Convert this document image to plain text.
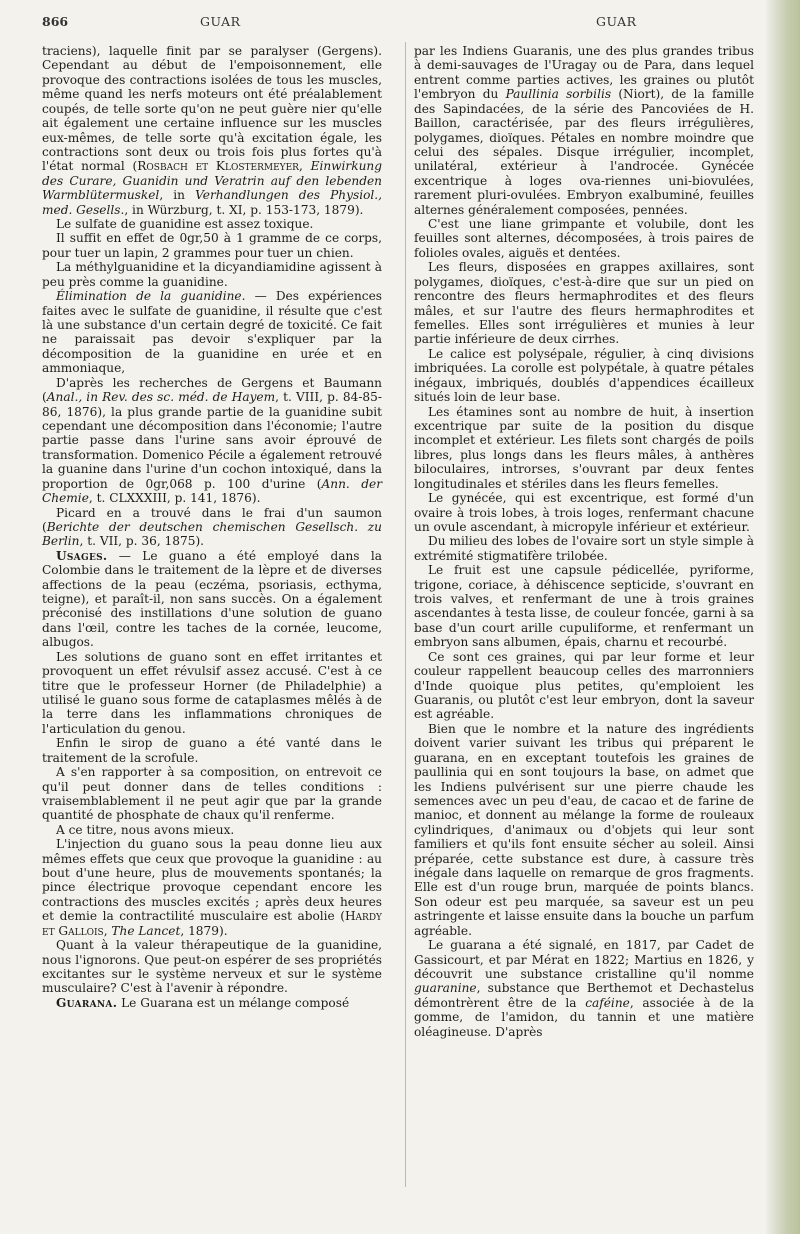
866	GUAR	GUAR

traciens), laquelle finit par se paralyser (Gergens). Cependant au début de l'empoisonnement, elle provoque des contractions isolées de tous les muscles, même quand les nerfs moteurs ont été préalablement coupés, de telle sorte qu'on ne peut guère nier qu'elle ait également une certaine influence sur les muscles eux-mêmes, de telle sorte qu'à excitation égale, les contractions sont deux ou trois fois plus fortes qu'à l'état normal (Rosbach et Klostermeyer, Einwirkung des Curare, Guanidin und Veratrin auf den lebenden Warmblütermuskel, in Verhandlungen des Physiol., med. Gesells., in Würzburg, t. XI, p. 153-173, 1879).

Le sulfate de guanidine est assez toxique.

Il suffit en effet de 0gr,50 à 1 gramme de ce corps, pour tuer un lapin, 2 grammes pour tuer un chien.

La méthylguanidine et la dicyandiamidine agissent à peu près comme la guanidine.

Élimination de la guanidine. — Des expériences faites avec le sulfate de guanidine, il résulte que c'est là une substance d'un certain degré de toxicité. Ce fait ne paraissait pas devoir s'expliquer par la décomposition de la guanidine en urée et en ammoniaque,

D'après les recherches de Gergens et Baumann (Anal., in Rev. des sc. méd. de Hayem, t. VIII, p. 84-85-86, 1876), la plus grande partie de la guanidine subit cependant une décomposition dans l'économie; l'autre partie passe dans l'urine sans avoir éprouvé de transformation. Domenico Pécile a également retrouvé la guanine dans l'urine d'un cochon intoxiqué, dans la proportion de 0gr,068 p. 100 d'urine (Ann. der Chemie, t. CLXXXIII, p. 141, 1876).

Picard en a trouvé dans le frai d'un saumon (Berichte der deutschen chemischen Gesellsch. zu Berlin, t. VII, p. 36, 1875).

Usages. — Le guano a été employé dans la Colombie dans le traitement de la lèpre et de diverses affections de la peau (eczéma, psoriasis, ecthyma, teigne), et paraît-il, non sans succès. On a également préconisé des instillations d'une solution de guano dans l'œil, contre les taches de la cornée, leucome, albugos.

Les solutions de guano sont en effet irritantes et provoquent un effet révulsif assez accusé. C'est à ce titre que le professeur Horner (de Philadelphie) a utilisé le guano sous forme de cataplasmes mêlés à de la terre dans les inflammations chroniques de l'articulation du genou.

Enfin le sirop de guano a été vanté dans le traitement de la scrofule.

A s'en rapporter à sa composition, on entrevoit ce qu'il peut donner dans de telles conditions : vraisemblablement il ne peut agir que par la grande quantité de phosphate de chaux qu'il renferme.

A ce titre, nous avons mieux.

L'injection du guano sous la peau donne lieu aux mêmes effets que ceux que provoque la guanidine : au bout d'une heure, plus de mouvements spontanés; la pince électrique provoque cependant encore les contractions des muscles excités ; après deux heures et demie la contractilité musculaire est abolie (Hardy et Gallois, The Lancet, 1879).

Quant à la valeur thérapeutique de la guanidine, nous l'ignorons. Que peut-on espérer de ses propriétés excitantes sur le système nerveux et sur le système musculaire? C'est à l'avenir à répondre.

Guarana. Le Guarana est un mélange composé

par les Indiens Guaranis, une des plus grandes tribus à demi-sauvages de l'Uragay ou de Para, dans lequel entrent comme parties actives, les graines ou plutôt l'embryon du Paullinia sorbilis (Niort), de la famille des Sapindacées, de la série des Pancoviées de H. Baillon, caractérisée, par des fleurs irrégulières, polygames, dioïques. Pétales en nombre moindre que celui des sépales. Disque irrégulier, incomplet, unilatéral, extérieur à l'androcée. Gynécée excentrique à loges ova-riennes uni-biovulées, rarement pluri-ovulées. Embryon exalbuminé, feuilles alternes généralement composées, pennées.

C'est une liane grimpante et volubile, dont les feuilles sont alternes, décomposées, à trois paires de folioles ovales, aiguës et dentées.

Les fleurs, disposées en grappes axillaires, sont polygames, dioïques, c'est-à-dire que sur un pied on rencontre des fleurs hermaphrodites et des fleurs mâles, et sur l'autre des fleurs hermaphrodites et femelles. Elles sont irrégulières et munies à leur partie inférieure de deux cirrhes.

Le calice est polysépale, régulier, à cinq divisions imbriquées. La corolle est polypétale, à quatre pétales inégaux, imbriqués, doublés d'appendices écailleux situés loin de leur base.

Les étamines sont au nombre de huit, à insertion excentrique par suite de la position du disque incomplet et extérieur. Les filets sont chargés de poils libres, plus longs dans les fleurs mâles, à anthères biloculaires, introrses, s'ouvrant par deux fentes longitudinales et stériles dans les fleurs femelles.

Le gynécée, qui est excentrique, est formé d'un ovaire à trois lobes, à trois loges, renfermant chacune un ovule ascendant, à micropyle inférieur et extérieur.

Du milieu des lobes de l'ovaire sort un style simple à extrémité stigmatifère trilobée.

Le fruit est une capsule pédicellée, pyriforme, trigone, coriace, à déhiscence septicide, s'ouvrant en trois valves, et renfermant de une à trois graines ascendantes à testa lisse, de couleur foncée, garni à sa base d'un court arille cupuliforme, et renfermant un embryon sans albumen, épais, charnu et recourbé.

Ce sont ces graines, qui par leur forme et leur couleur rappellent beaucoup celles des marronniers d'Inde quoique plus petites, qu'emploient les Guaranis, ou plutôt c'est leur embryon, dont la saveur est agréable.

Bien que le nombre et la nature des ingrédients doivent varier suivant les tribus qui préparent le guarana, en en exceptant toutefois les graines de paullinia qui en sont toujours la base, on admet que les Indiens pulvérisent sur une pierre chaude les semences avec un peu d'eau, de cacao et de farine de manioc, et donnent au mélange la forme de rouleaux cylindriques, d'animaux ou d'objets qui leur sont familiers et qu'ils font ensuite sécher au soleil. Ainsi préparée, cette substance est dure, à cassure très inégale dans laquelle on remarque de gros fragments. Elle est d'un rouge brun, marquée de points blancs. Son odeur est peu marquée, sa saveur est un peu astringente et laisse ensuite dans la bouche un parfum agréable.

Le guarana a été signalé, en 1817, par Cadet de Gassicourt, et par Mérat en 1822; Martius en 1826, y découvrit une substance cristalline qu'il nomme guaranine, substance que Berthemot et Dechastelus démontrèrent être de la caféine, associée à de la gomme, de l'amidon, du tannin et une matière oléagineuse. D'après
